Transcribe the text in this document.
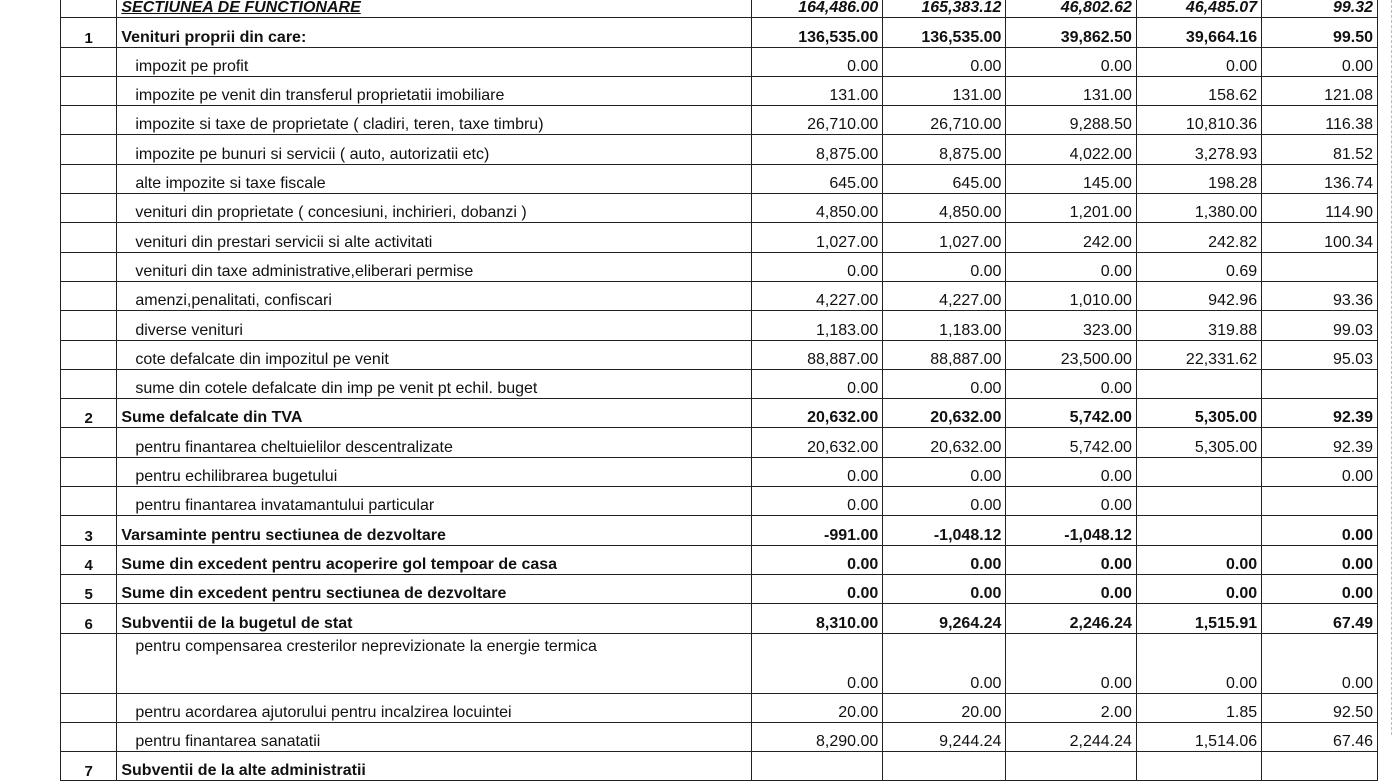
	SECTIUNEA DE FUNCTIONARE	164,486.00	165,383.12	46,802.62	46,485.07	99.32
1	Venituri proprii din care:	136,535.00	136,535.00	39,862.50	39,664.16	99.50
	impozit pe profit	0.00	0.00	0.00	0.00	0.00
	impozite pe venit din transferul proprietatii imobiliare	131.00	131.00	131.00	158.62	121.08
	impozite si taxe de proprietate ( cladiri, teren, taxe timbru)	26,710.00	26,710.00	9,288.50	10,810.36	116.38
	impozite pe bunuri si servicii ( auto, autorizatii etc)	8,875.00	8,875.00	4,022.00	3,278.93	81.52
	alte impozite si taxe fiscale	645.00	645.00	145.00	198.28	136.74
	venituri din proprietate ( concesiuni, inchirieri, dobanzi )	4,850.00	4,850.00	1,201.00	1,380.00	114.90
	venituri din prestari servicii si alte activitati	1,027.00	1,027.00	242.00	242.82	100.34
	venituri din taxe administrative,eliberari permise	0.00	0.00	0.00	0.69	
	amenzi,penalitati, confiscari	4,227.00	4,227.00	1,010.00	942.96	93.36
	diverse venituri	1,183.00	1,183.00	323.00	319.88	99.03
	cote defalcate din impozitul pe venit	88,887.00	88,887.00	23,500.00	22,331.62	95.03
	sume din cotele defalcate din imp pe venit pt echil. buget	0.00	0.00	0.00		
2	Sume defalcate din TVA	20,632.00	20,632.00	5,742.00	5,305.00	92.39
	pentru finantarea cheltuielilor descentralizate	20,632.00	20,632.00	5,742.00	5,305.00	92.39
	pentru echilibrarea bugetului	0.00	0.00	0.00		0.00
	pentru finantarea invatamantului particular	0.00	0.00	0.00		
3	Varsaminte pentru sectiunea de dezvoltare	-991.00	-1,048.12	-1,048.12		0.00
4	Sume din excedent pentru acoperire gol tempoar de casa	0.00	0.00	0.00	0.00	0.00
5	Sume din excedent pentru sectiunea de dezvoltare	0.00	0.00	0.00	0.00	0.00
6	Subventii de la bugetul de stat	8,310.00	9,264.24	2,246.24	1,515.91	67.49
	pentru compensarea cresterilor neprevizionate la energie termica	0.00	0.00	0.00	0.00	0.00
	pentru acordarea ajutorului pentru incalzirea locuintei	20.00	20.00	2.00	1.85	92.50
	pentru finantarea sanatatii	8,290.00	9,244.24	2,244.24	1,514.06	67.46
7	Subventii de la alte administratii					
